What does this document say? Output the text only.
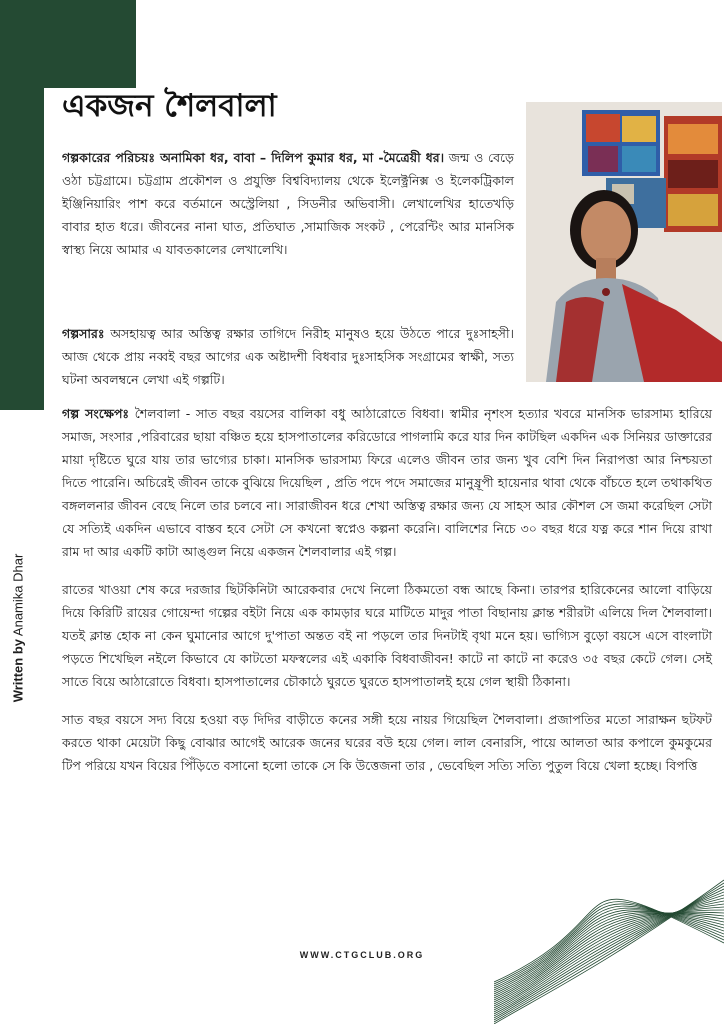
Written by Anamika Dhar
একজন শৈলবালা

গল্পকারের পরিচয়ঃ অনামিকা ধর, বাবা – দিলিপ কুমার ধর, মা -মৈত্রেয়ী ধর। জন্ম ও বেড়ে ওঠা চট্টগ্রামে। চট্টগ্রাম প্রকৌশল ও প্রযুক্তি বিশ্ববিদ্যালয় থেকে ইলেক্ট্রনিক্স ও ইলেকট্রিকাল ইঞ্জিনিয়ারিং পাশ করে বর্তমানে অস্ট্রেলিয়া , সিডনীর অভিবাসী। লেখালেখির হাতেখড়ি বাবার হাত ধরে। জীবনের নানা ঘাত, প্রতিঘাত ,সামাজিক সংকট , পেরেন্টিং আর মানসিক স্বাস্থ্য নিয়ে আমার এ যাবতকালের লেখালেখি।

গল্পসারঃ অসহায়ত্ব আর অস্তিত্ব রক্ষার তাগিদে নিরীহ মানুষও হয়ে উঠতে পারে দুঃসাহসী। আজ থেকে প্রায় নব্বই বছর আগের এক অষ্টাদশী বিধবার দুঃসাহসিক সংগ্রামের স্বাক্ষী, সত্য ঘটনা অবলম্বনে লেখা এই গল্পটি।

গল্প সংক্ষেপঃ শৈলবালা - সাত বছর বয়সের বালিকা বধু আঠারোতে বিধবা। স্বামীর নৃশংস হত্যার খবরে মানসিক ভারসাম্য হারিয়ে সমাজ, সংসার ,পরিবারের ছায়া বঞ্চিত হয়ে হাসপাতালের করিডোরে পাগলামি করে যার দিন কাটছিল একদিন এক সিনিয়র ডাক্তারের মায়া দৃষ্টিতে ঘুরে যায় তার ভাগ্যের চাকা। মানসিক ভারসাম্য ফিরে এলেও জীবন তার জন্য খুব বেশি দিন নিরাপত্তা আর নিশ্চয়তা দিতে পারেনি। অচিরেই জীবন তাকে বুঝিয়ে দিয়েছিল , প্রতি পদে পদে সমাজের মানুষ্রূপী হায়েনার থাবা থেকে বাঁচতে হলে তথাকথিত বঙ্গললনার জীবন বেছে নিলে তার চলবে না। সারাজীবন ধরে শেখা অস্তিত্ব রক্ষার জন্য যে সাহস আর কৌশল সে জমা করেছিল সেটা যে সত্যিই একদিন এভাবে বাস্তব হবে সেটা সে কখনো স্বপ্নেও কল্পনা করেনি। বালিশের নিচে ৩০ বছর ধরে যত্ন করে শান দিয়ে রাখা রাম দা আর একটি কাটা আঙ্গুল নিয়ে একজন শৈলবালার এই গল্প।

রাতের খাওয়া শেষ করে দরজার ছিটকিনিটা আরেকবার দেখে নিলো ঠিকমতো বন্ধ আছে কিনা। তারপর হারিকেনের আলো বাড়িয়ে দিয়ে কিরিটি রায়ের গোয়েন্দা গল্পের বইটা নিয়ে এক কামড়ার ঘরে মাটিতে মাদুর পাতা বিছানায় ক্লান্ত শরীরটা এলিয়ে দিল শৈলবালা। যতই ক্লান্ত হোক না কেন ঘুমানোর আগে দু'পাতা অন্তত বই না পড়লে তার দিনটাই বৃথা মনে হয়। ভাগ্যিস বুড়ো বয়সে এসে বাংলাটা পড়তে শিখেছিল নইলে কিভাবে যে কাটতো মফস্বলের এই একাকি বিধবাজীবন! কাটে না কাটে না করেও ৩৫ বছর কেটে গেল। সেই সাতে বিয়ে আঠারোতে বিধবা। হাসপাতালের চৌকাঠে ঘুরতে ঘুরতে হাসপাতালই হয়ে গেল স্থায়ী ঠিকানা।

সাত বছর বয়সে সদ্য বিয়ে হওয়া বড় দিদির বাড়ীতে কনের সঙ্গী হয়ে নায়র গিয়েছিল শৈলবালা। প্রজাপতির মতো সারাক্ষন ছটফট করতে থাকা মেয়েটা কিছু বোঝার আগেই আরেক জনের ঘরের বউ হয়ে গেল। লাল বেনারসি, পায়ে আলতা আর কপালে কুমকুমের টিপ পরিয়ে যখন বিয়ের পিঁড়িতে বসানো হলো তাকে সে কি উত্তেজনা তার , ভেবেছিল সত্যি সত্যি পুতুল বিয়ে খেলা হচ্ছে। বিপত্তি

WWW.CTGCLUB.ORG
